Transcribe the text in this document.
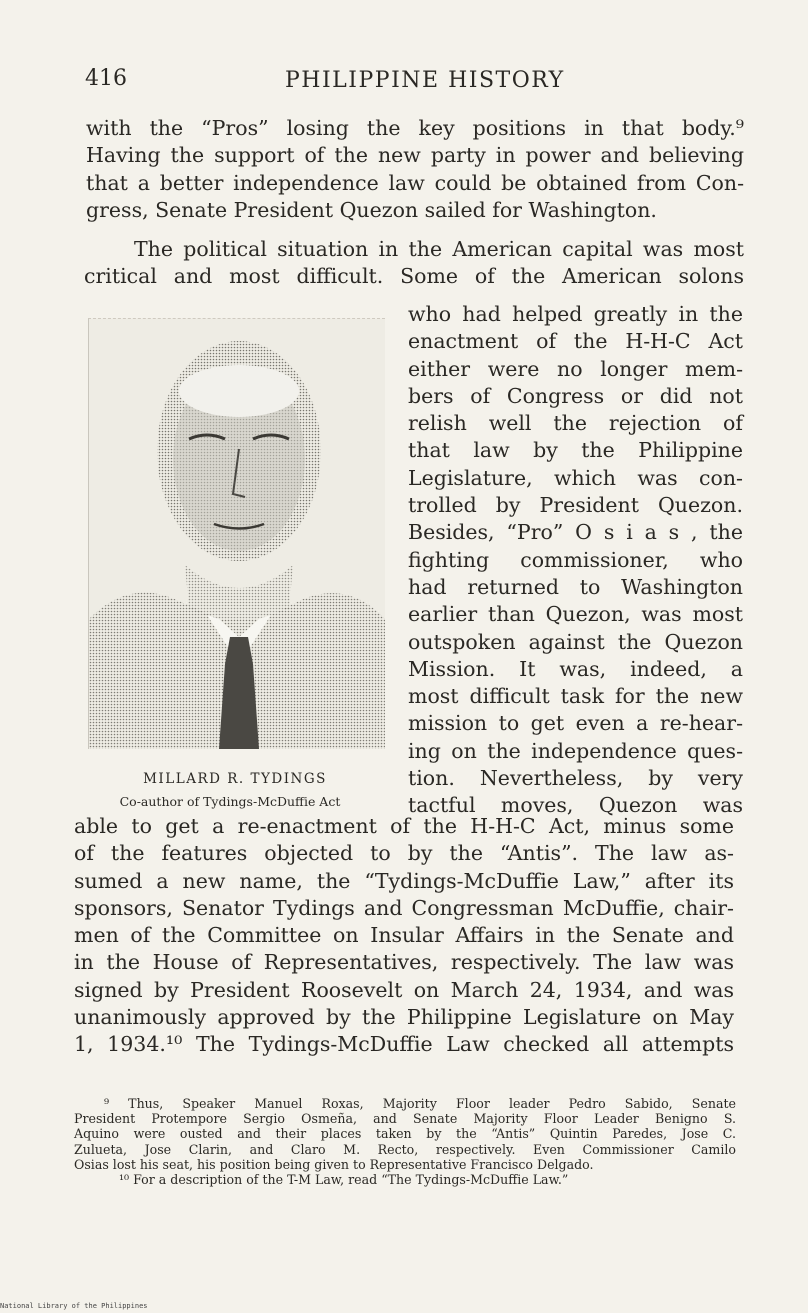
416	PHILIPPINE HISTORY

with the “Pros” losing the key positions in that body.⁹
Having the support of the new party in power and believing
that a better independence law could be obtained from Con-
gress, Senate President Quezon sailed for Washington.

The political situation in the American capital was most
critical and most difficult. Some of the American solons

MILLARD R. TYDINGS
Co-author of Tydings-McDuffie Act

who had helped greatly in the
enactment of the H-H-C Act
either were no longer mem-
bers of Congress or did not
relish well the rejection of
that law by the Philippine
Legislature, which was con-
trolled by President Quezon.
Besides, “Pro” O s i a s , the
fighting commissioner, who
had returned to Washington
earlier than Quezon, was most
outspoken against the Quezon
Mission. It was, indeed, a
most difficult task for the new
mission to get even a re-hear-
ing on the independence ques-
tion. Nevertheless, by very
tactful moves, Quezon was

able to get a re-enactment of the H-H-C Act, minus some
of the features objected to by the “Antis”. The law as-
sumed a new name, the “Tydings-McDuffie Law,” after its
sponsors, Senator Tydings and Congressman McDuffie, chair-
men of the Committee on Insular Affairs in the Senate and
in the House of Representatives, respectively. The law was
signed by President Roosevelt on March 24, 1934, and was
unanimously approved by the Philippine Legislature on May
1, 1934.¹⁰ The Tydings-McDuffie Law checked all attempts

⁹ Thus, Speaker Manuel Roxas, Majority Floor leader Pedro Sabido, Senate
President Protempore Sergio Osmeña, and Senate Majority Floor Leader Benigno S.
Aquino were ousted and their places taken by the “Antis” Quintin Paredes, Jose C.
Zulueta, Jose Clarin, and Claro M. Recto, respectively. Even Commissioner Camilo
Osias lost his seat, his position being given to Representative Francisco Delgado.
¹⁰ For a description of the T-M Law, read “The Tydings-McDuffie Law.”
National Library of the Philippines
